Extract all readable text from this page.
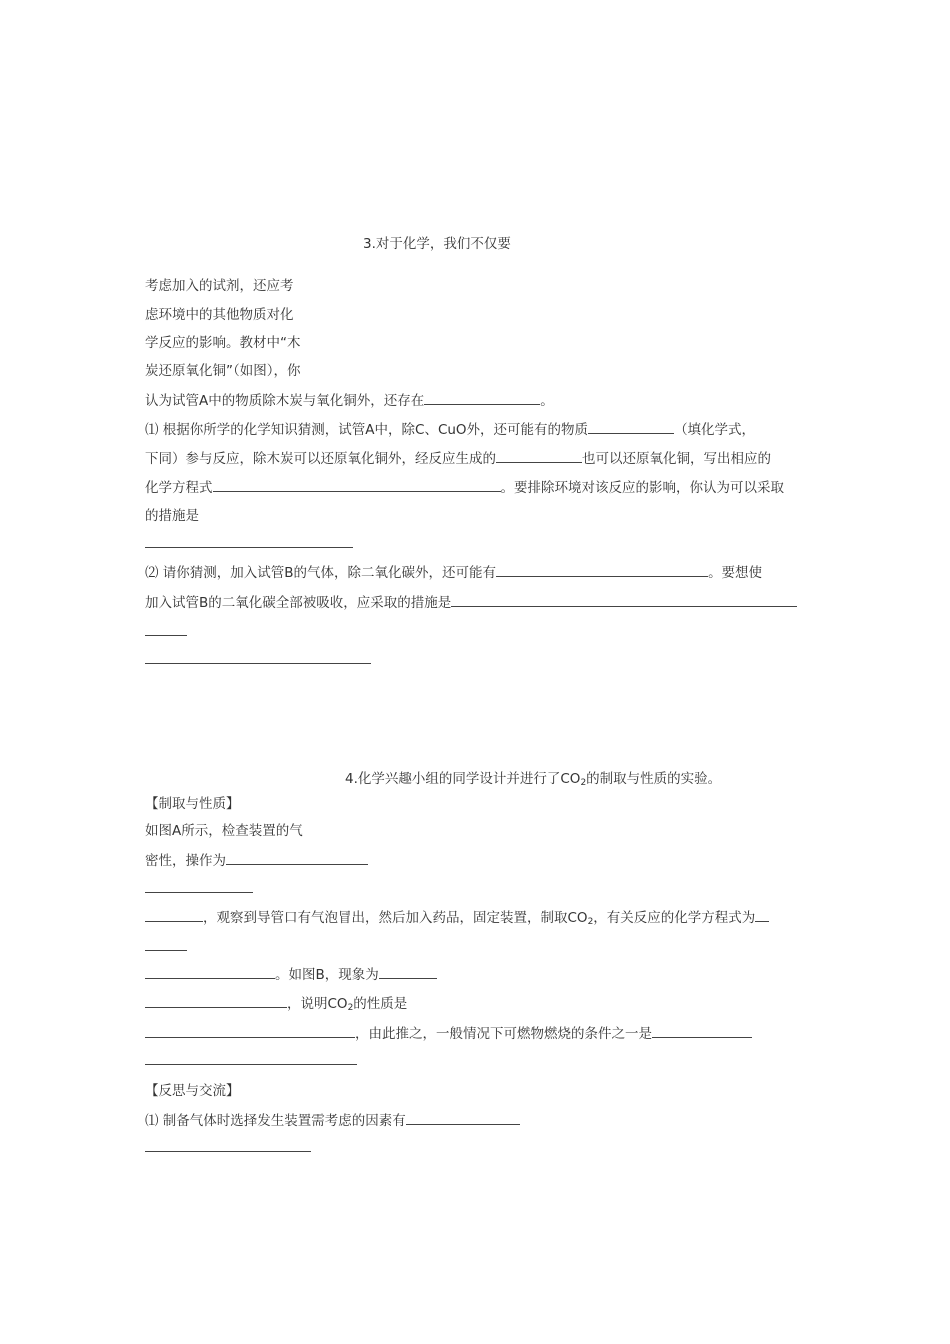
3.对于化学，我们不仅要
考虑加入的试剂，还应考
虑环境中的其他物质对化
学反应的影响。教材中“木
炭还原氧化铜”（如图），你
认为试管A中的物质除木炭与氧化铜外，还存在	。
⑴ 根据你所学的化学知识猜测，试管A中，除C、CuO外，还可能有的物质	（填化学式，
下同）参与反应，除木炭可以还原氧化铜外，经反应生成的	也可以还原氧化铜，写出相应的
化学方程式	。要排除环境对该反应的影响，你认为可以采取
的措施是
⑵ 请你猜测，加入试管B的气体，除二氧化碳外，还可能有	。要想使
加入试管B的二氧化碳全部被吸收，应采取的措施是
4.化学兴趣小组的同学设计并进行了$CO_2$的制取与性质的实验。
【制取与性质】
如图A所示，检查装置的气
密性，操作为
，观察到导管口有气泡冒出，然后加入药品，固定装置，制取$CO_2$，有关反应的化学方程式为
。如图B，现象为
，说明$CO_2$的性质是
，由此推之，一般情况下可燃物燃烧的条件之一是
【反思与交流】
⑴ 制备气体时选择发生装置需考虑的因素有
